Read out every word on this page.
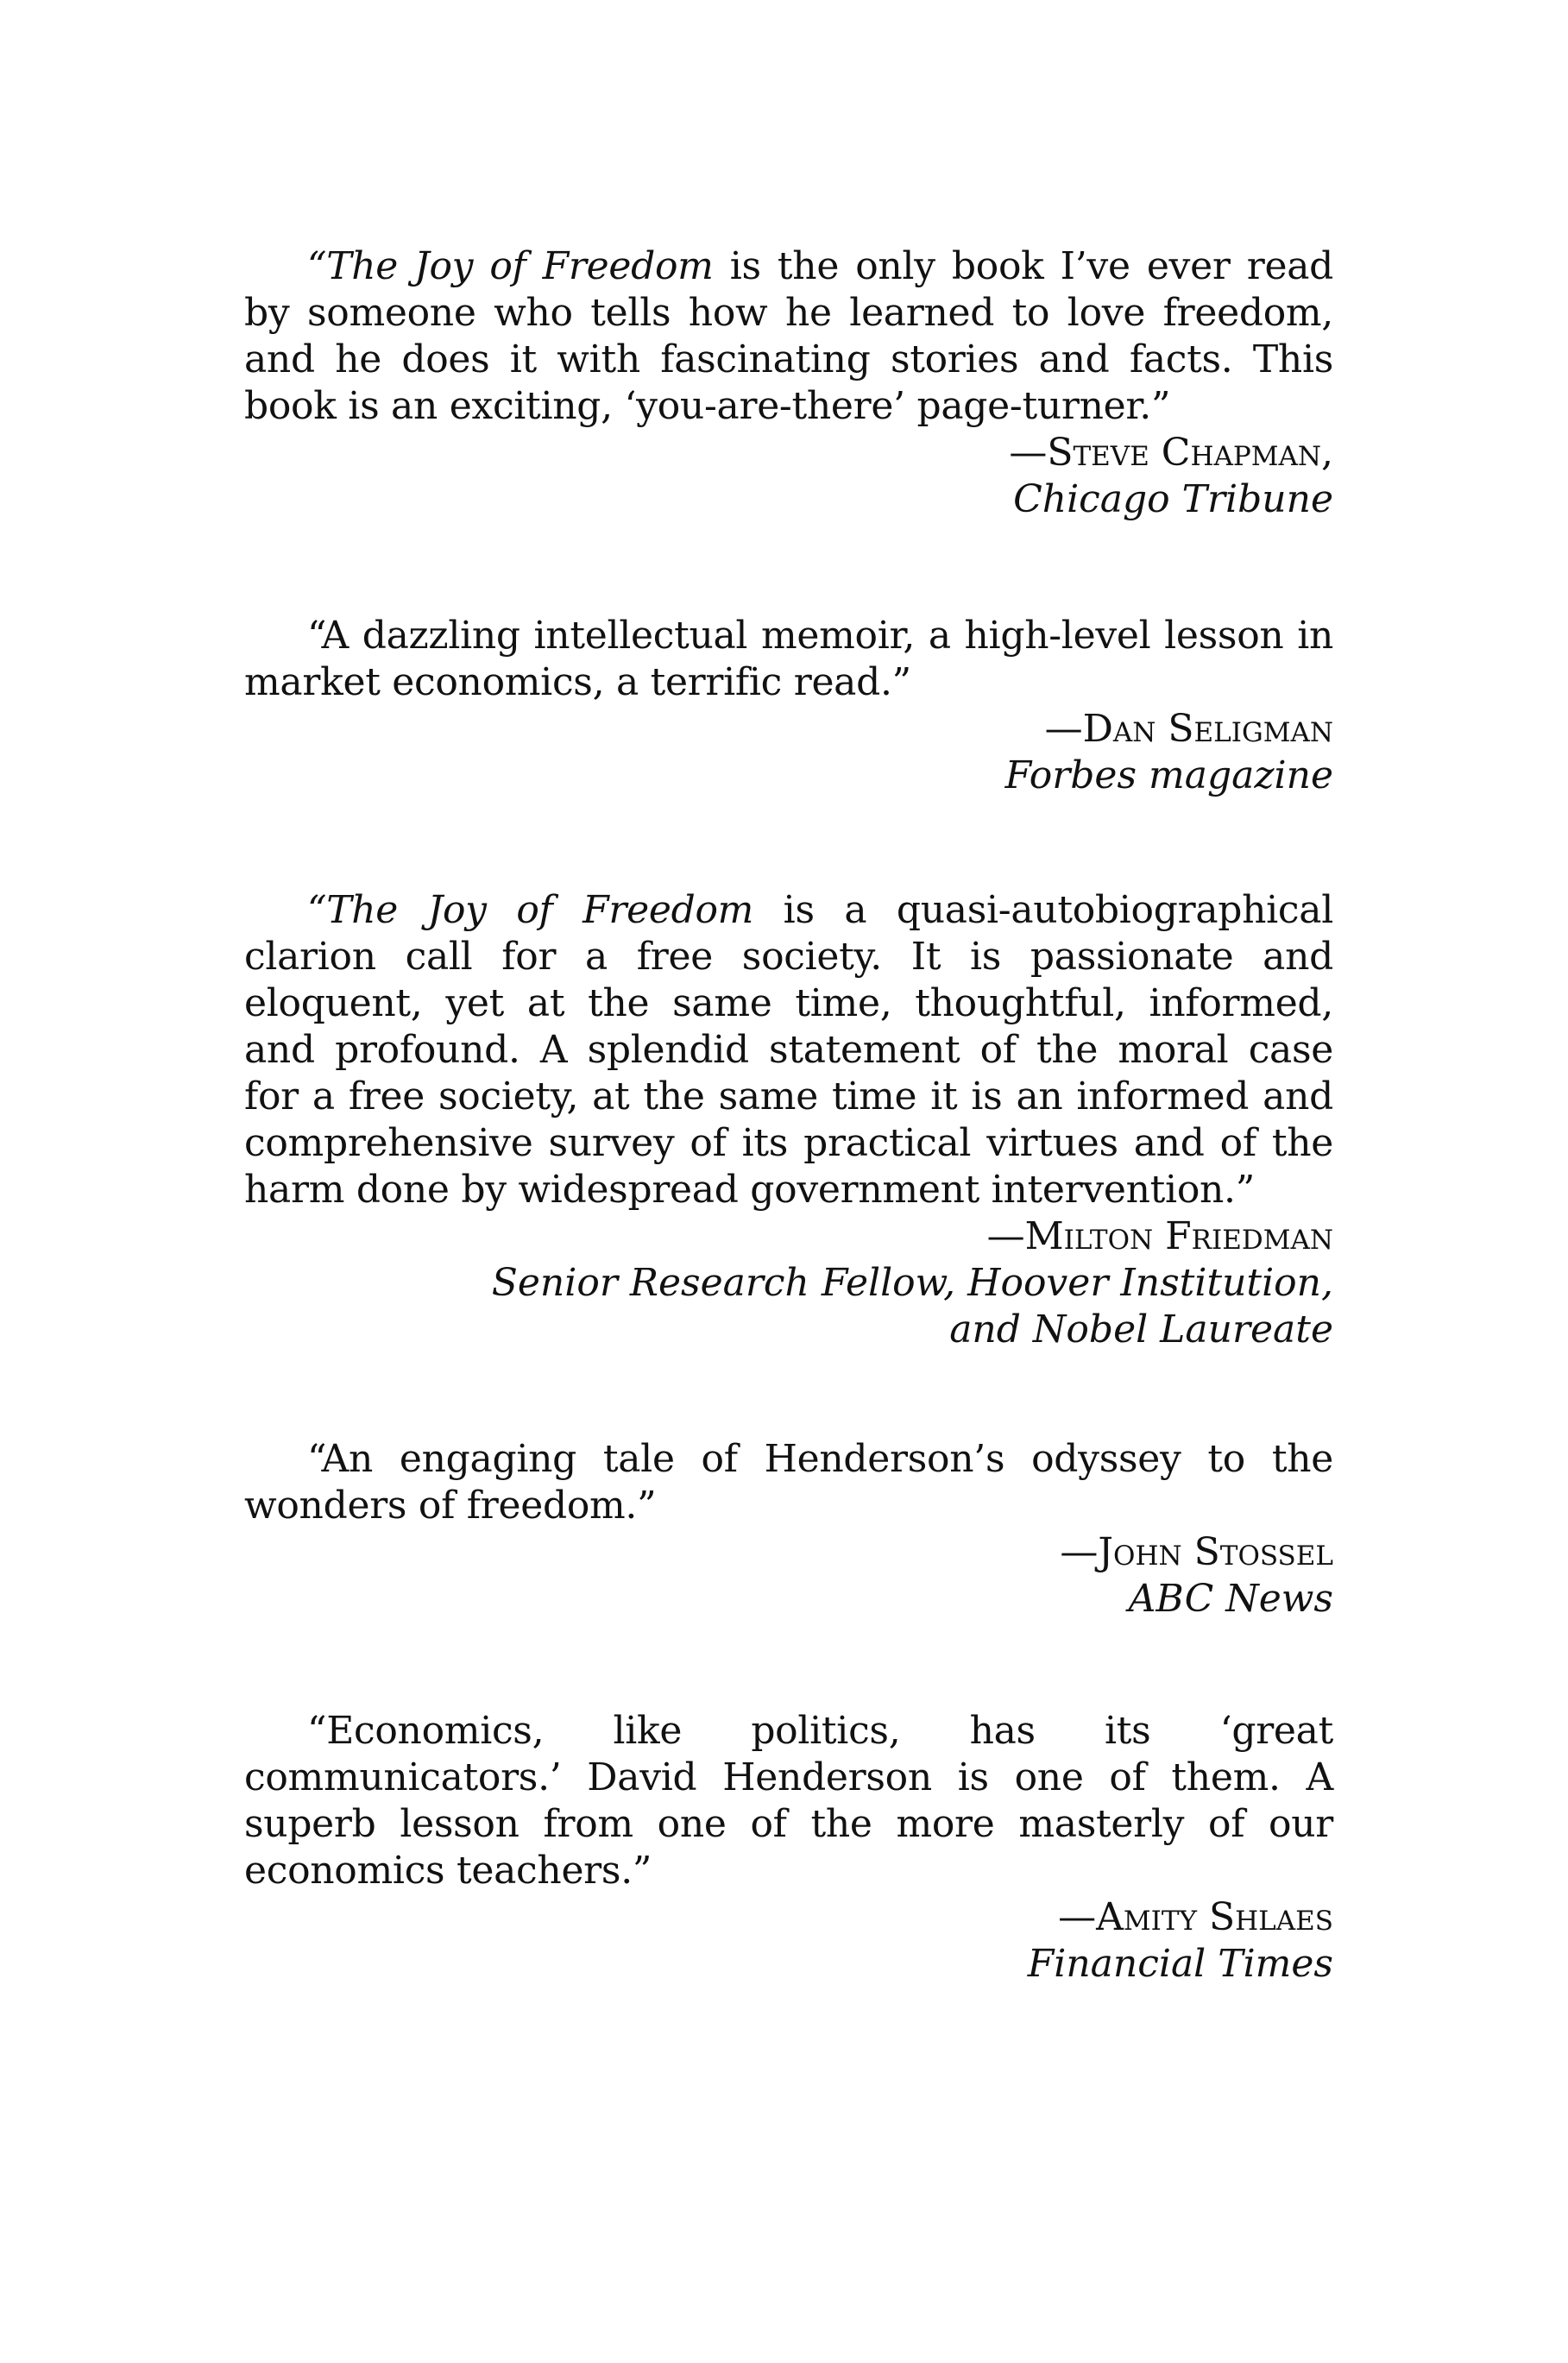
“The Joy of Freedom is the only book I’ve ever read by someone who tells how he learned to love freedom, and he does it with fascinating stories and facts. This book is an exciting, ‘you-are-there’ page-turner.”

—Steve Chapman,
Chicago Tribune

“A dazzling intellectual memoir, a high-level lesson in market economics, a terrific read.”

—Dan Seligman
Forbes magazine

“The Joy of Freedom is a quasi-autobiographical clarion call for a free society. It is passionate and eloquent, yet at the same time, thoughtful, informed, and profound. A splendid statement of the moral case for a free society, at the same time it is an informed and comprehensive survey of its practical virtues and of the harm done by widespread government intervention.”

—Milton Friedman
Senior Research Fellow, Hoover Institution,
and Nobel Laureate

“An engaging tale of Henderson’s odyssey to the wonders of freedom.”

—John Stossel
ABC News

“Economics, like politics, has its ‘great communicators.’ David Henderson is one of them. A superb lesson from one of the more masterly of our economics teachers.”

—Amity Shlaes
Financial Times
